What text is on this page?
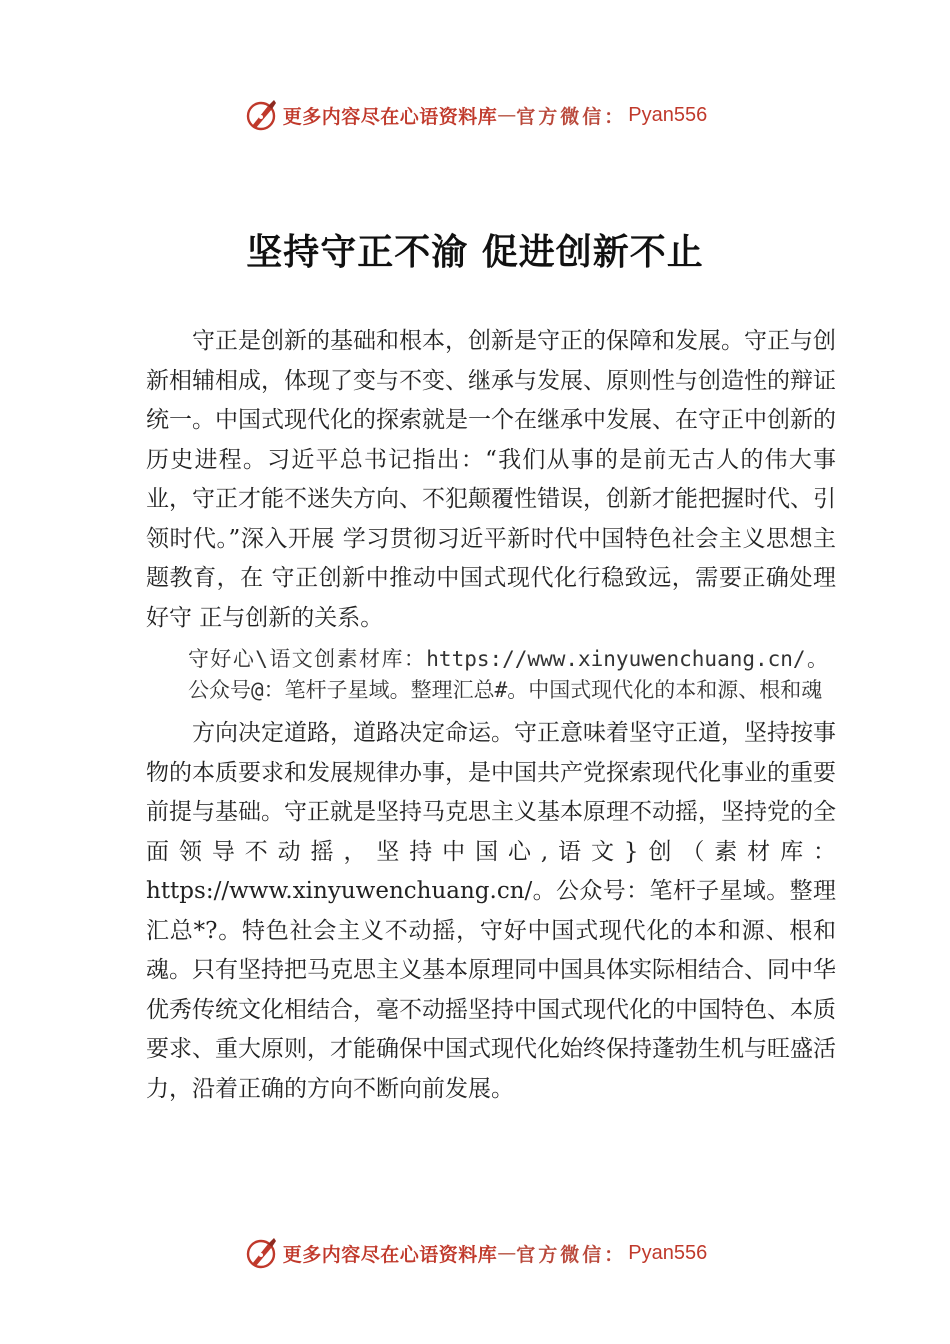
更多内容尽在心语资料库 — 官方微信： Pyan556
坚持守正不渝 促进创新不止

守正是创新的基础和根本，创新是守正的保障和发展。守正与创新相辅相成，体现了变与不变、继承与发展、原则性与创造性的辩证统一。中国式现代化的探索就是一个在继承中发展、在守正中创新的历史进程。习近平总书记指出：“我们从事的是前无古人的伟大事业，守正才能不迷失方向、不犯颠覆性错误，创新才能把握时代、引领时代。”深入开展 学习贯彻习近平新时代中国特色社会主义思想主题教育，在 守正创新中推动中国式现代化行稳致远，需要正确处理好守 正与创新的关系。

守好心\语文创素材库：https://www.xinyuwenchuang.cn/。公众号@：笔杆子星域。整理汇总#。中国式现代化的本和源、根和魂

方向决定道路，道路决定命运。守正意味着坚守正道，坚持按事物的本质要求和发展规律办事，是中国共产党探索现代化事业的重要前提与基础。守正就是坚持马克思主义基本原理不动摇，坚持党的全面领导不动摇，坚持中国心,语文}创（素材库：https://www.xinyuwenchuang.cn/。公众号：笔杆子星域。整理汇总*?。特色社会主义不动摇，守好中国式现代化的本和源、根和魂。只有坚持把马克思主义基本原理同中国具体实际相结合、同中华优秀传统文化相结合，毫不动摇坚持中国式现代化的中国特色、本质要求、重大原则，才能确保中国式现代化始终保持蓬勃生机与旺盛活力，沿着正确的方向不断向前发展。

更多内容尽在心语资料库 — 官方微信： Pyan556
